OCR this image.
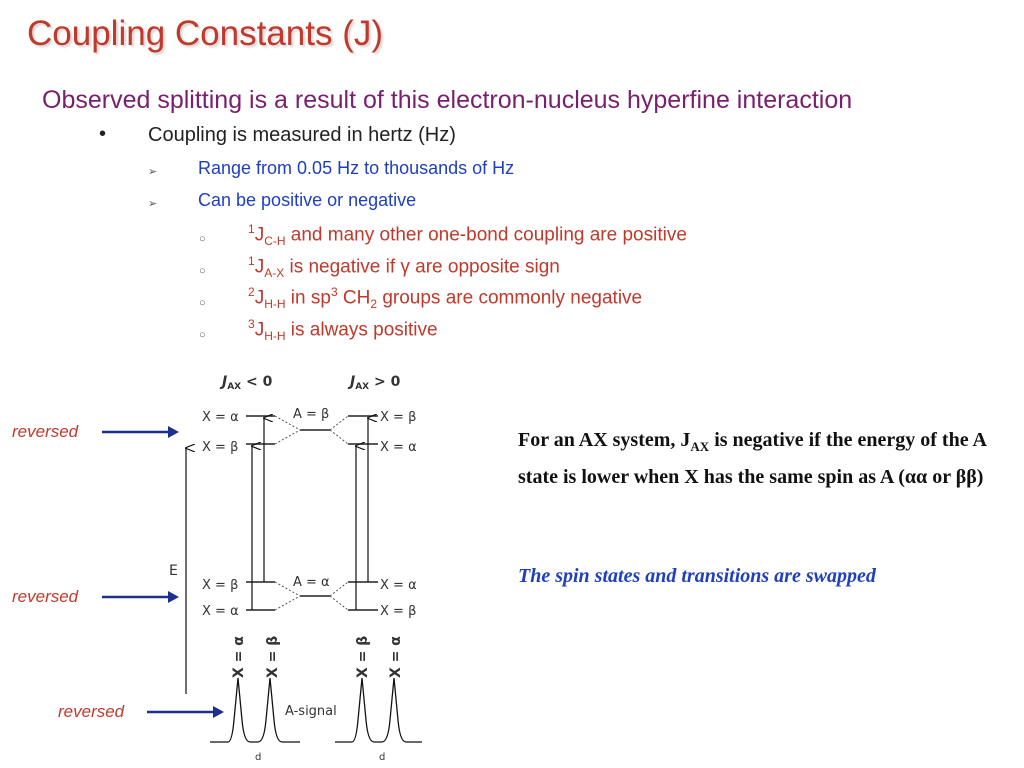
Coupling Constants (J)
Observed splitting is a result of this electron-nucleus hyperfine interaction
• Coupling is measured in hertz (Hz)
➢ Range from 0.05 Hz to thousands of Hz
➢ Can be positive or negative
○
$^1J_{C-H}$ and many other one-bond coupling are positive
○
$^1J_{A-X}$ is negative if γ are opposite sign
○
$^2J_{H-H}$ in $sp^3$ $CH_2$ groups are commonly negative
○
$^3J_{H-H}$ is always positive
$J_{AX} < 0$	$J_{AX} > 0$
X = α
X = β
A = β	X = β
X = α
X = β
X = α
A = α	X = α
X = β
E
X = α X = β	X = β X = α
A-signal
d	d
reversed
reversed
reversed
For an AX system, $J_{AX}$ is negative if the energy of the A state is lower when X has the same spin as A (αα or ββ)
The spin states and transitions are swapped
